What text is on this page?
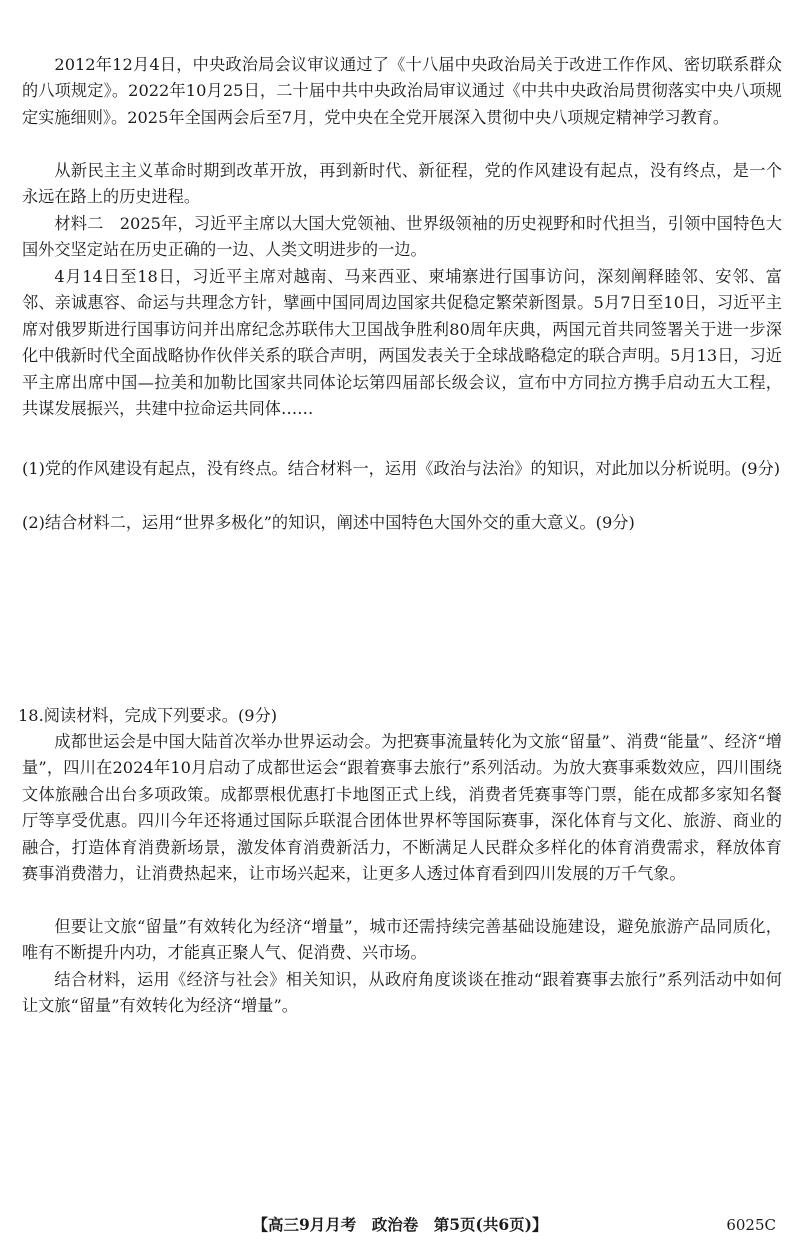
2012年12月4日，中央政治局会议审议通过了《十八届中央政治局关于改进工作作风、密切联系群众的八项规定》。2022年10月25日，二十届中共中央政治局审议通过《中共中央政治局贯彻落实中央八项规定实施细则》。2025年全国两会后至7月，党中央在全党开展深入贯彻中央八项规定精神学习教育。

从新民主主义革命时期到改革开放，再到新时代、新征程，党的作风建设有起点，没有终点，是一个永远在路上的历史进程。

材料二　2025年，习近平主席以大国大党领袖、世界级领袖的历史视野和时代担当，引领中国特色大国外交坚定站在历史正确的一边、人类文明进步的一边。

4月14日至18日，习近平主席对越南、马来西亚、柬埔寨进行国事访问，深刻阐释睦邻、安邻、富邻、亲诚惠容、命运与共理念方针，擘画中国同周边国家共促稳定繁荣新图景。5月7日至10日，习近平主席对俄罗斯进行国事访问并出席纪念苏联伟大卫国战争胜利80周年庆典，两国元首共同签署关于进一步深化中俄新时代全面战略协作伙伴关系的联合声明，两国发表关于全球战略稳定的联合声明。5月13日，习近平主席出席中国—拉美和加勒比国家共同体论坛第四届部长级会议，宣布中方同拉方携手启动五大工程，共谋发展振兴，共建中拉命运共同体……

(1)党的作风建设有起点，没有终点。结合材料一，运用《政治与法治》的知识，对此加以分析说明。(9分)

(2)结合材料二，运用“世界多极化”的知识，阐述中国特色大国外交的重大意义。(9分)

18.阅读材料，完成下列要求。(9分)

成都世运会是中国大陆首次举办世界运动会。为把赛事流量转化为文旅“留量”、消费“能量”、经济“增量”，四川在2024年10月启动了成都世运会“跟着赛事去旅行”系列活动。为放大赛事乘数效应，四川围绕文体旅融合出台多项政策。成都票根优惠打卡地图正式上线，消费者凭赛事等门票，能在成都多家知名餐厅等享受优惠。四川今年还将通过国际乒联混合团体世界杯等国际赛事，深化体育与文化、旅游、商业的融合，打造体育消费新场景，激发体育消费新活力，不断满足人民群众多样化的体育消费需求，释放体育赛事消费潜力，让消费热起来，让市场兴起来，让更多人透过体育看到四川发展的万千气象。

但要让文旅“留量”有效转化为经济“增量”，城市还需持续完善基础设施建设，避免旅游产品同质化，唯有不断提升内功，才能真正聚人气、促消费、兴市场。

结合材料，运用《经济与社会》相关知识，从政府角度谈谈在推动“跟着赛事去旅行”系列活动中如何让文旅“留量”有效转化为经济“增量”。

【高三9月月考　政治卷　第5页(共6页)】	6025C
